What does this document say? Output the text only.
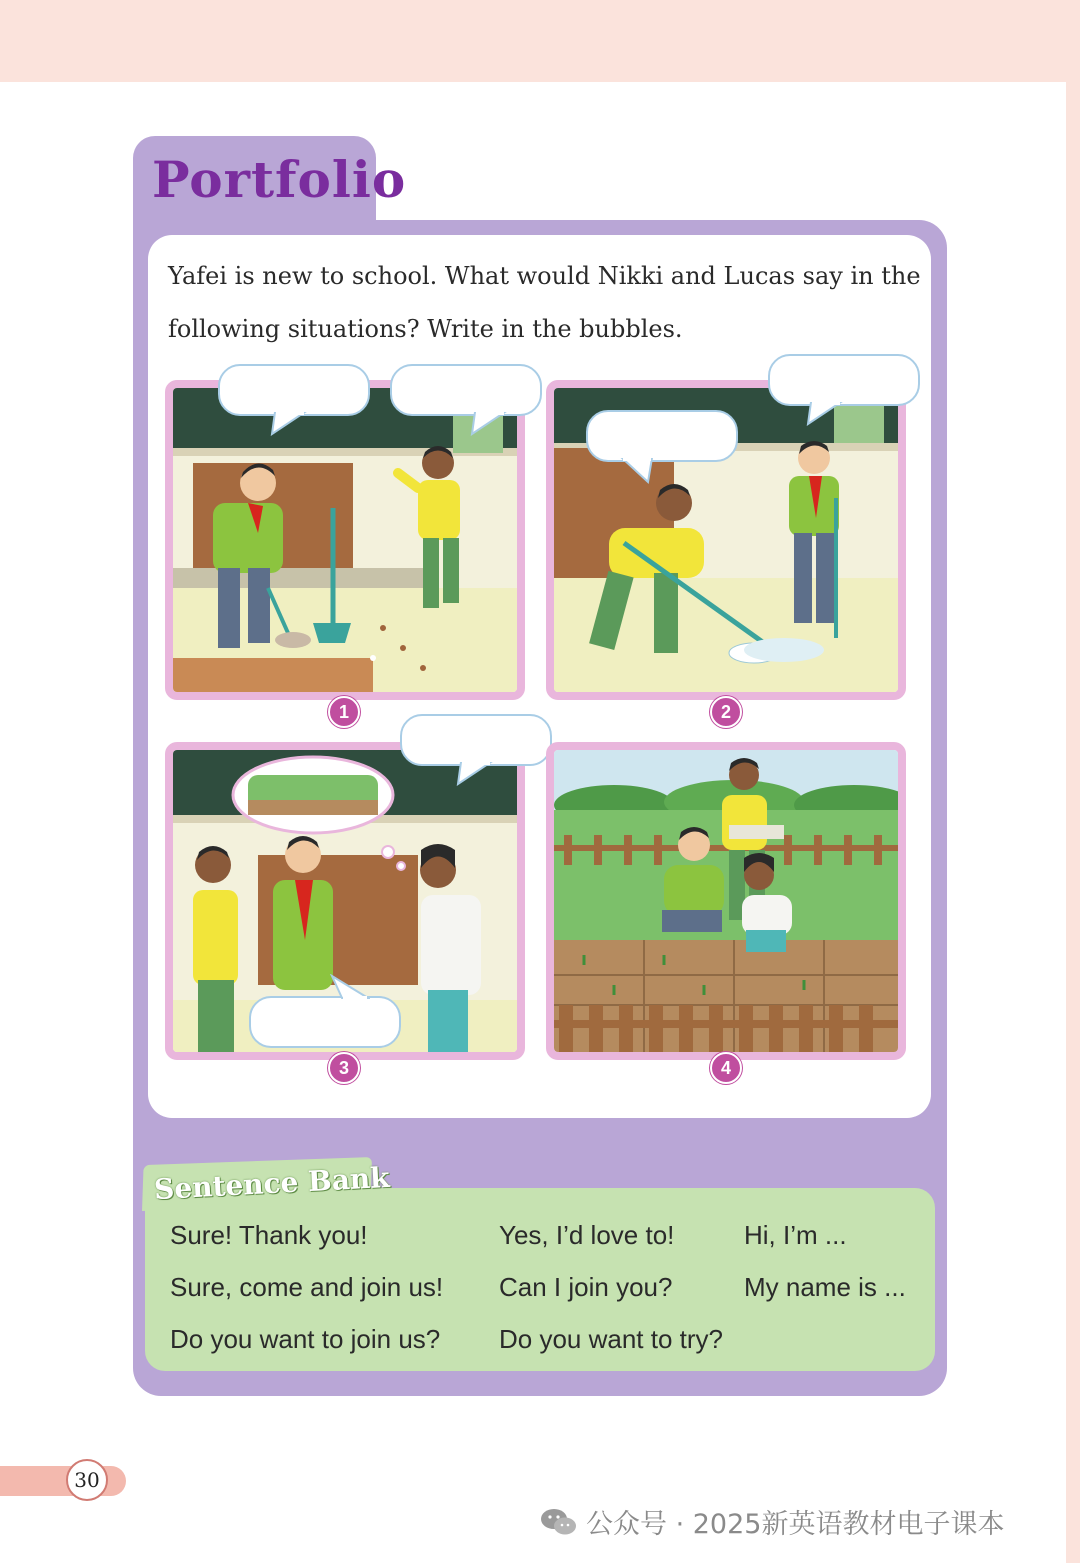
Portfolio
Yafei is new to school. What would Nikki and Lucas say in the following situations? Write in the bubbles.
1	2
3	4
Sentence Bank
Sure! Thank you!
Sure, come and join us!
Do you want to join us?
Yes, I’d love to!
Can I join you?
Do you want to try?
Hi, I’m ...
My name is ...
30
公众号 · 2025新英语教材电子课本
